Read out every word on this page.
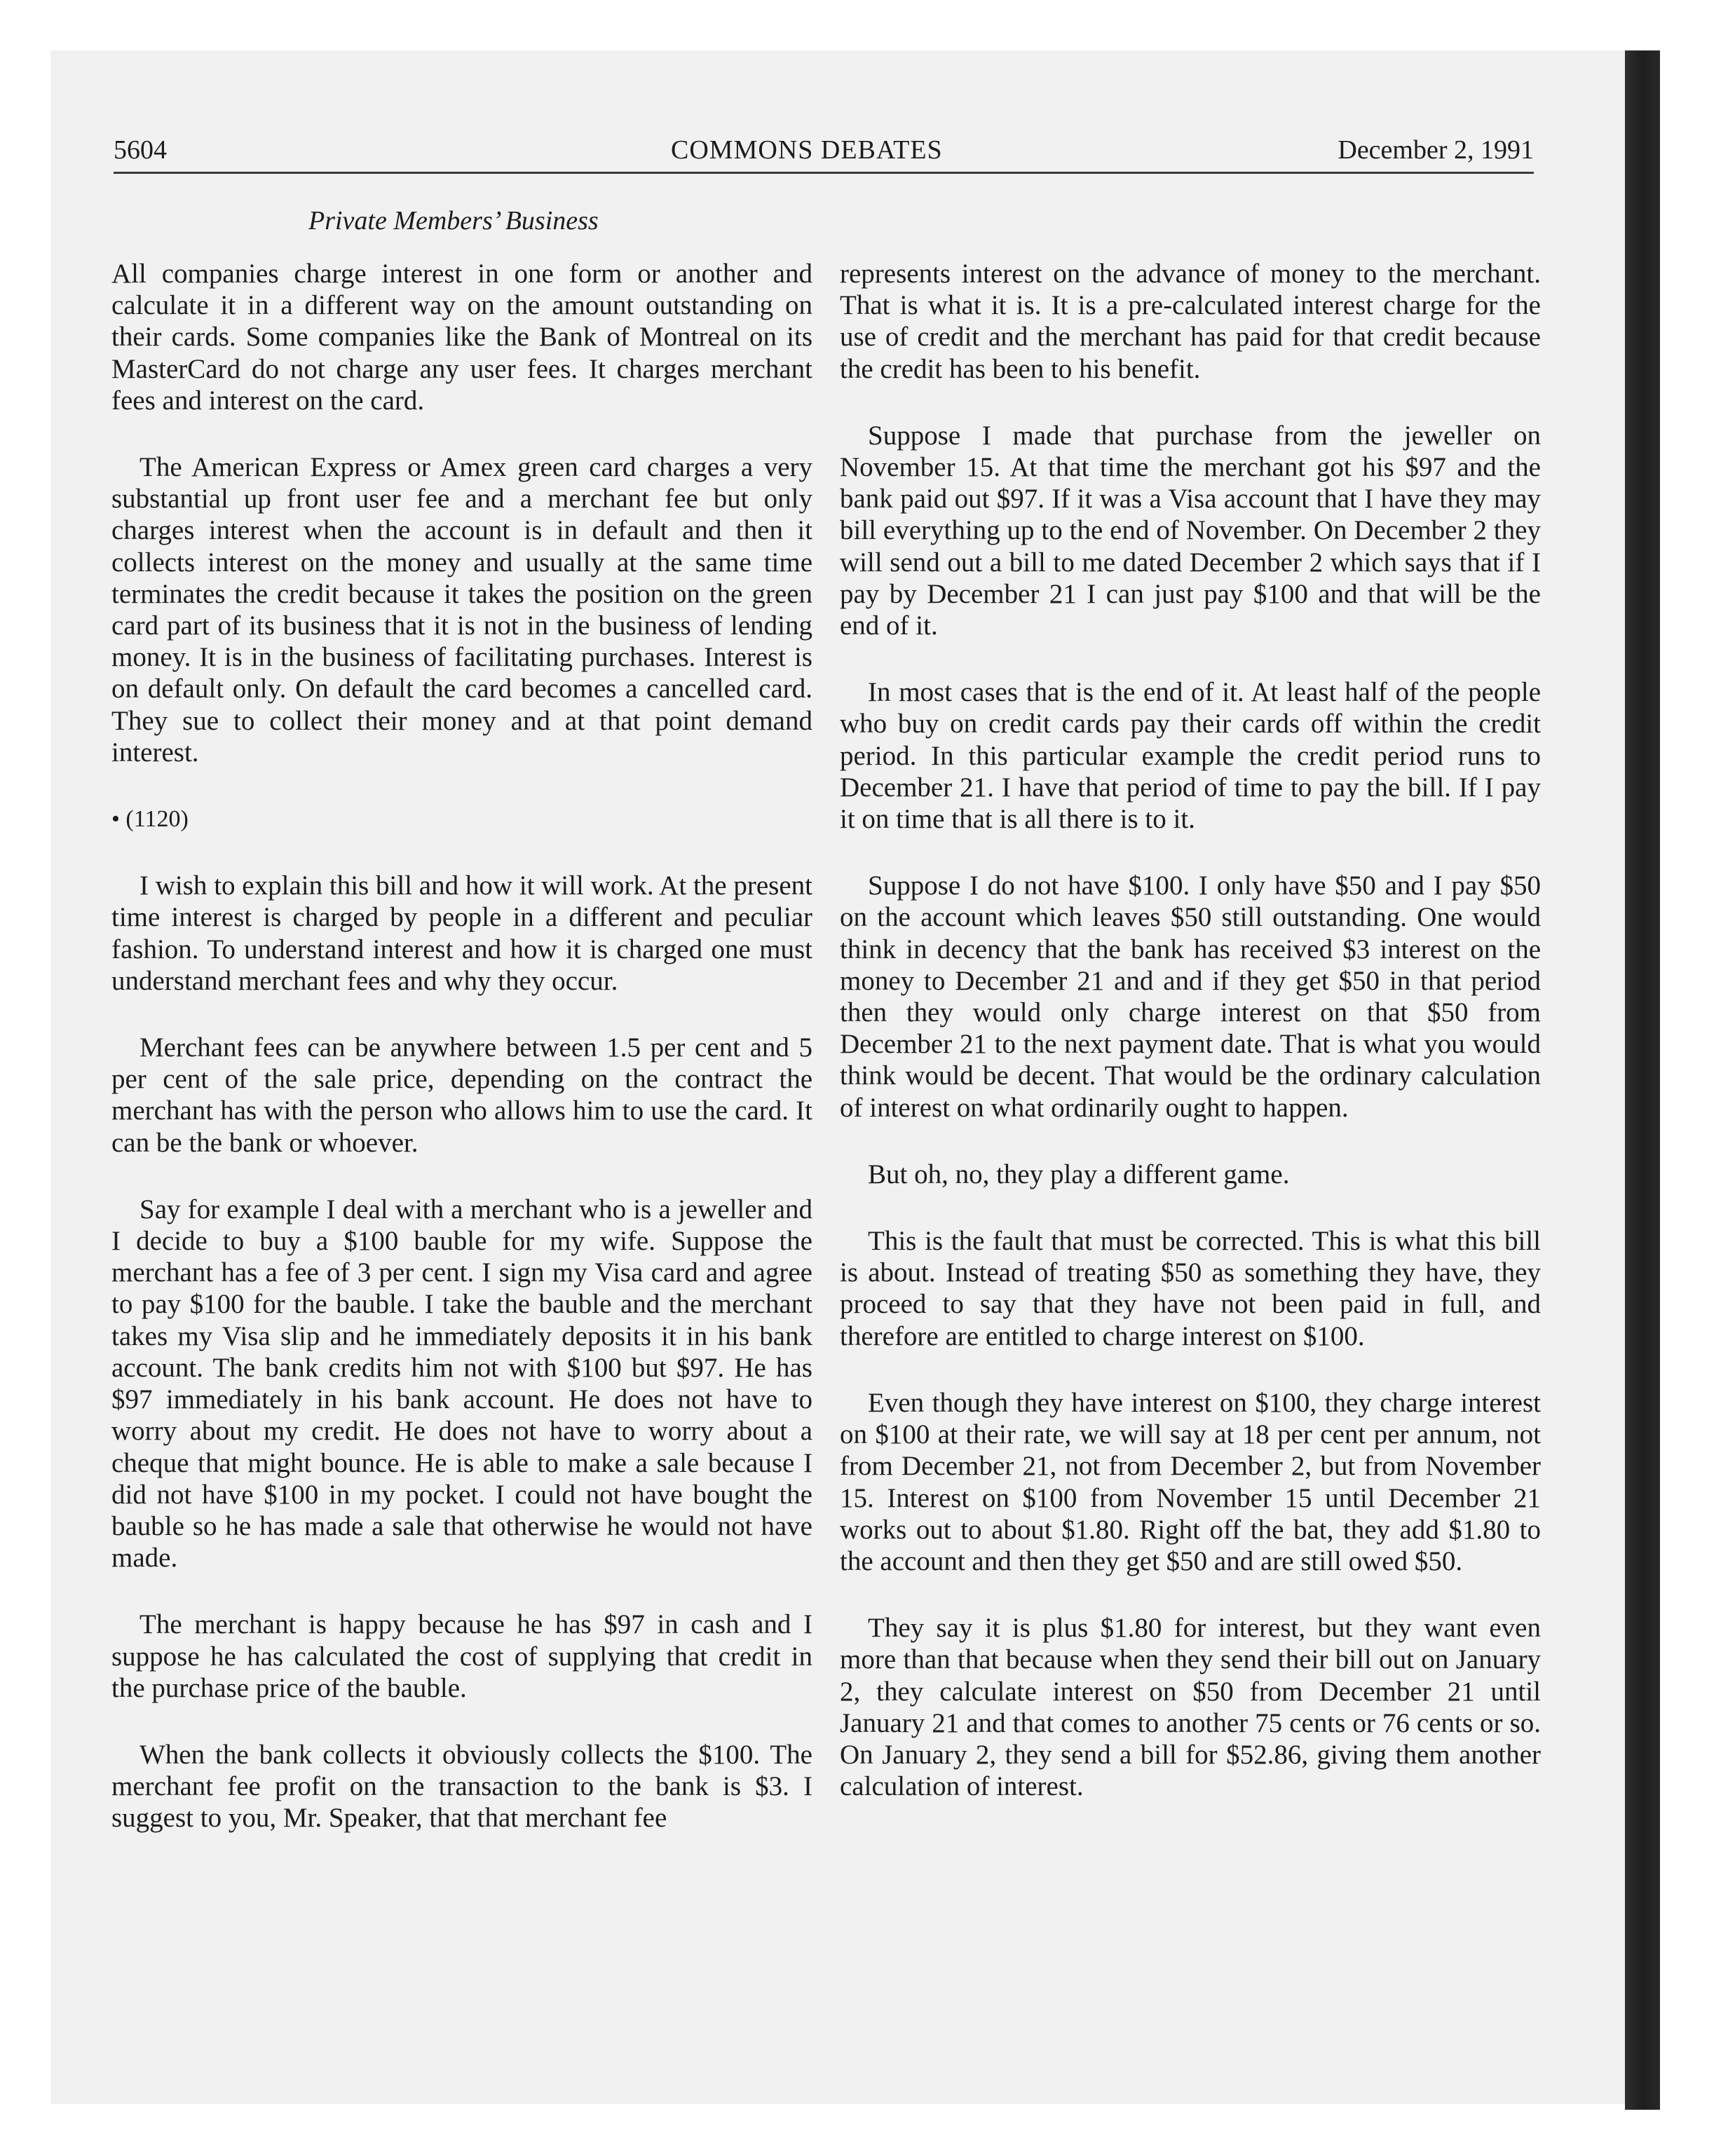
5604	COMMONS DEBATES	December 2, 1991
Private Members’ Business

All companies charge interest in one form or another and calculate it in a different way on the amount outstanding on their cards. Some companies like the Bank of Montreal on its MasterCard do not charge any user fees. It charges merchant fees and interest on the card.

The American Express or Amex green card charges a very substantial up front user fee and a merchant fee but only charges interest when the account is in default and then it collects interest on the money and usually at the same time terminates the credit because it takes the position on the green card part of its business that it is not in the business of lending money. It is in the business of facilitating purchases. Interest is on default only. On default the card becomes a cancelled card. They sue to collect their money and at that point demand interest.

• (1120)

I wish to explain this bill and how it will work. At the present time interest is charged by people in a different and peculiar fashion. To understand interest and how it is charged one must understand merchant fees and why they occur.

Merchant fees can be anywhere between 1.5 per cent and 5 per cent of the sale price, depending on the contract the merchant has with the person who allows him to use the card. It can be the bank or whoever.

Say for example I deal with a merchant who is a jeweller and I decide to buy a $100 bauble for my wife. Suppose the merchant has a fee of 3 per cent. I sign my Visa card and agree to pay $100 for the bauble. I take the bauble and the merchant takes my Visa slip and he immediately deposits it in his bank account. The bank credits him not with $100 but $97. He has $97 immediately in his bank account. He does not have to worry about my credit. He does not have to worry about a cheque that might bounce. He is able to make a sale because I did not have $100 in my pocket. I could not have bought the bauble so he has made a sale that otherwise he would not have made.

The merchant is happy because he has $97 in cash and I suppose he has calculated the cost of supplying that credit in the purchase price of the bauble.

When the bank collects it obviously collects the $100. The merchant fee profit on the transaction to the bank is $3. I suggest to you, Mr. Speaker, that that merchant fee

represents interest on the advance of money to the merchant. That is what it is. It is a pre-calculated interest charge for the use of credit and the merchant has paid for that credit because the credit has been to his benefit.

Suppose I made that purchase from the jeweller on November 15. At that time the merchant got his $97 and the bank paid out $97. If it was a Visa account that I have they may bill everything up to the end of November. On December 2 they will send out a bill to me dated December 2 which says that if I pay by December 21 I can just pay $100 and that will be the end of it.

In most cases that is the end of it. At least half of the people who buy on credit cards pay their cards off within the credit period. In this particular example the credit period runs to December 21. I have that period of time to pay the bill. If I pay it on time that is all there is to it.

Suppose I do not have $100. I only have $50 and I pay $50 on the account which leaves $50 still outstanding. One would think in decency that the bank has received $3 interest on the money to December 21 and and if they get $50 in that period then they would only charge interest on that $50 from December 21 to the next payment date. That is what you would think would be decent. That would be the ordinary calculation of interest on what ordinarily ought to happen.

But oh, no, they play a different game.

This is the fault that must be corrected. This is what this bill is about. Instead of treating $50 as something they have, they proceed to say that they have not been paid in full, and therefore are entitled to charge interest on $100.

Even though they have interest on $100, they charge interest on $100 at their rate, we will say at 18 per cent per annum, not from December 21, not from December 2, but from November 15. Interest on $100 from November 15 until December 21 works out to about $1.80. Right off the bat, they add $1.80 to the account and then they get $50 and are still owed $50.

They say it is plus $1.80 for interest, but they want even more than that because when they send their bill out on January 2, they calculate interest on $50 from December 21 until January 21 and that comes to another 75 cents or 76 cents or so. On January 2, they send a bill for $52.86, giving them another calculation of interest.
